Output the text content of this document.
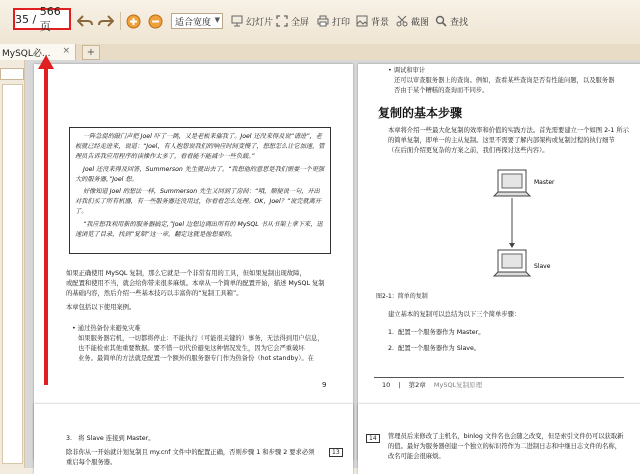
35 /
566页	适合宽度 ▼	幻灯片 全屏	打印 背景 截图 查找
MySQL必... ×	+

一阵急促的敲门声把 Joel 吓了一跳，又是老板来催我了。Joel 还没来得及说“请进”，老板就已经走进来，说道：“Joel，有人抱怨说我们的响应时间变慢了，想想怎么让它加速，管理员告诉我应用程序的读操作太多了，看看能不能减少一些负载。”

Joel 还没来得及回答，Summerson 先生就出去了。“我想他的意思是我们需要一个更强大的服务器，”Joel 想。

好像知道 Joel 的想法一样，Summerson 先生又回到了房间：“哦，顺便说一句，开出对我们买了所有机器，有一些服务器还没用过，你看看怎么处理。OK，Joel？”说完就离开了。

“我应想我利用新的服务器搞定，”Joel 边想边调出所有的 MySQL 书从书架上拿下来，迅速浏览了目录，找到“复制”这一章，翻定这就是他想要的。

如果正确使用 MySQL 复制，那么它就是一个非常有用的工具，但如果复制出现故障，

或配置和使用不当，就会给你带来很多麻烦。本章从一个简单的配置开始，描述 MySQL 复制

的基础内容，然后介绍一些基本技巧以丰富你的“复制工具箱”。

本章包括以下使用案例。

• 通过热备份来避免灾难
如果服务器宕机，一切都将停止：不能执行（可能很关键的）事务，无法得到用户信息，
也不能检索其他重要数据。要不惜一切代价避免这种情况发生，因为它会严重破坏
业务。最简单的方法就是配置一个额外的服务器专门作为热备份（hot standby）。在
9
• 调试和审计
还可以审查服务器上的查询。例如，查看某些查询是否有性能问题，以及服务器
否由于某个糟糕的查询而不同步。
复制的基本步骤

本章将介绍一些最大化复制的效率和价值的实践方法。首先需要建立一个如图 2-1 所示

的简单复制，即单一的主从复制。这里不需要了解内部架构或复制过程的执行细节

（在后面介绍更复杂的方案之前，我们再探讨这些内容）。

Master
Slave
图2-1：简单的复制
建立基本的复制可以总结为以下三个简单步骤：

1. 配置一个服务器作为 Master。

2. 配置一个服务器作为 Slave。

10 | 第2章 MySQL复制原理
3.　将 Slave 连接到 Master。
13

除非你从一开始就计划复制且 my.cnf 文件中的配置正确，否则步骤 1 和步骤 2 要求必须

重启每个服务器。

14	管理员后来修改了主机名，binlog 文件名也会随之改变，但是索引文件仍可以获取新

的值。最好为服务器创建一个独立的标识符作为二进制日志和中继日志文件的名称，

改名可能会很麻烦。
